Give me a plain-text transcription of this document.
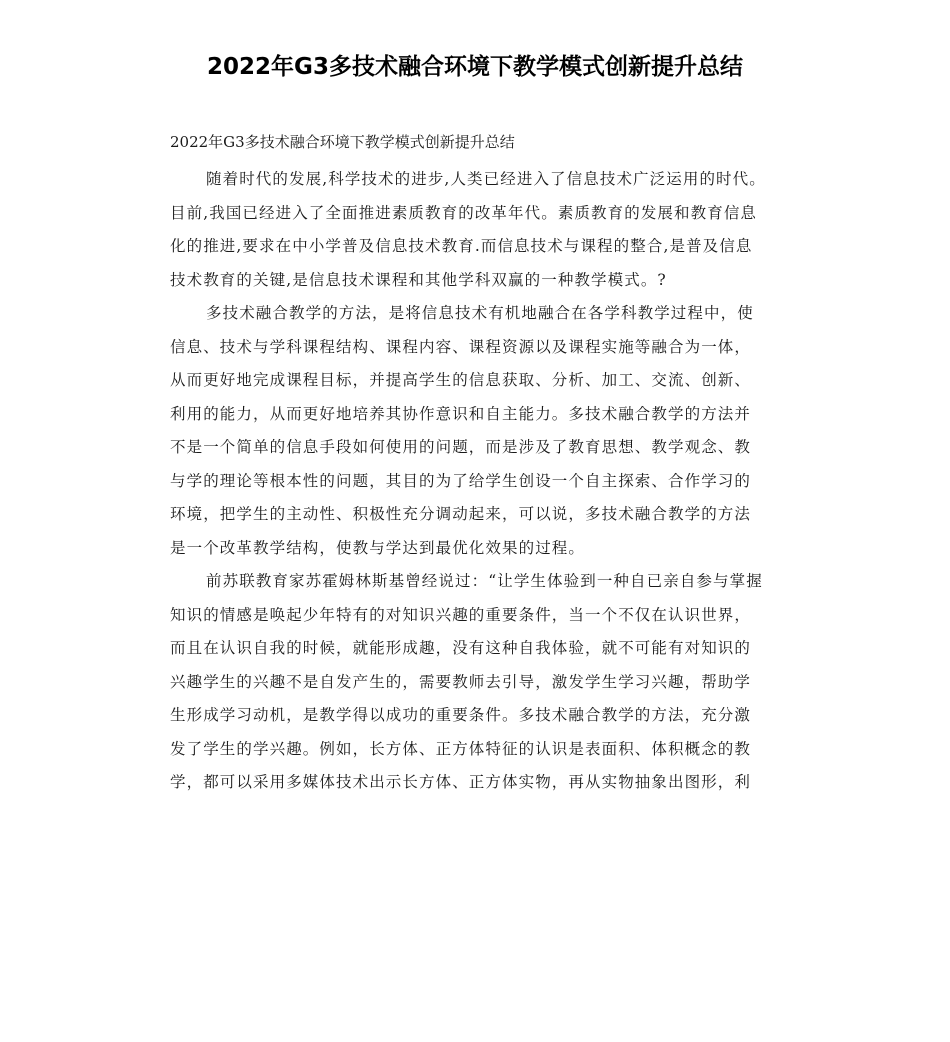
2022年G3多技术融合环境下教学模式创新提升总结
2022年G3多技术融合环境下教学模式创新提升总结
随着时代的发展,科学技术的进步,人类已经进入了信息技术广泛运用的时代。
目前,我国已经进入了全面推进素质教育的改革年代。素质教育的发展和教育信息
化的推进,要求在中小学普及信息技术教育.而信息技术与课程的整合,是普及信息
技术教育的关键,是信息技术课程和其他学科双赢的一种教学模式。?
多技术融合教学的方法，是将信息技术有机地融合在各学科教学过程中，使
信息、技术与学科课程结构、课程内容、课程资源以及课程实施等融合为一体，
从而更好地完成课程目标，并提高学生的信息获取、分析、加工、交流、创新、
利用的能力，从而更好地培养其协作意识和自主能力。多技术融合教学的方法并
不是一个简单的信息手段如何使用的问题，而是涉及了教育思想、教学观念、教
与学的理论等根本性的问题，其目的为了给学生创设一个自主探索、合作学习的
环境，把学生的主动性、积极性充分调动起来，可以说，多技术融合教学的方法
是一个改革教学结构，使教与学达到最优化效果的过程。
前苏联教育家苏霍姆林斯基曾经说过：“让学生体验到一种自已亲自参与掌握
知识的情感是唤起少年特有的对知识兴趣的重要条件，当一个不仅在认识世界，
而且在认识自我的时候，就能形成趣，没有这种自我体验，就不可能有对知识的
兴趣学生的兴趣不是自发产生的，需要教师去引导，激发学生学习兴趣，帮助学
生形成学习动机，是教学得以成功的重要条件。多技术融合教学的方法，充分激
发了学生的学兴趣。例如，长方体、正方体特征的认识是表面积、体积概念的教
学，都可以采用多媒体技术出示长方体、正方体实物，再从实物抽象出图形，利
